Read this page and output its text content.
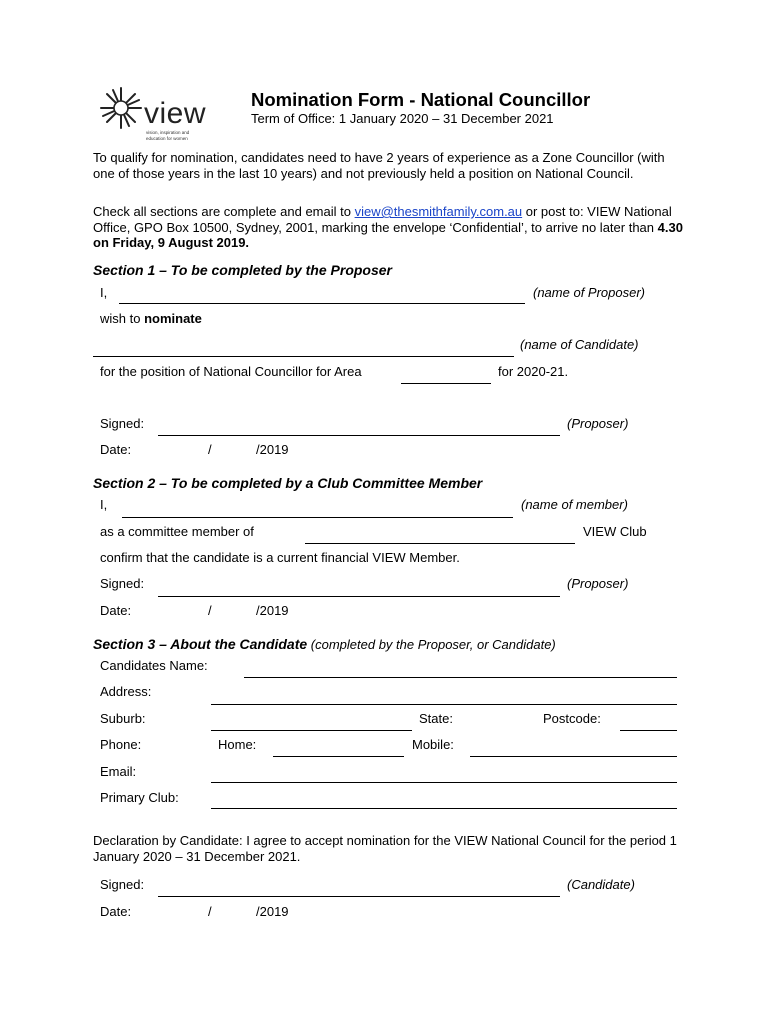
view
vision, inspiration and
education for women
Nomination Form - National Councillor
Term of Office: 1 January 2020 – 31 December 2021
To qualify for nomination, candidates need to have 2 years of experience as a Zone Councillor (with one of those years in the last 10 years) and not previously held a position on National Council.
Check all sections are complete and email to view@thesmithfamily.com.au or post to: VIEW National Office, GPO Box 10500, Sydney, 2001, marking the envelope ‘Confidential’, to arrive no later than 4.30 on Friday, 9 August 2019.
Section 1 – To be completed by the Proposer
I,	(name of Proposer)
wish to nominate
(name of Candidate)
for the position of National Councillor for Area	for 2020-21.
Signed:	(Proposer)
Date:	/	/2019
Section 2 – To be completed by a Club Committee Member
I,	(name of member)
as a committee member of	VIEW Club
confirm that the candidate is a current financial VIEW Member.
Signed:	(Proposer)
Date:	/	/2019
Section 3 – About the Candidate (completed by the Proposer, or Candidate)
Candidates Name:
Address:
Suburb:	State:	Postcode:
Phone:	Home:	Mobile:
Email:
Primary Club:
Declaration by Candidate: I agree to accept nomination for the VIEW National Council for the period 1 January 2020 – 31 December 2021.
Signed:	(Candidate)
Date:	/	/2019
